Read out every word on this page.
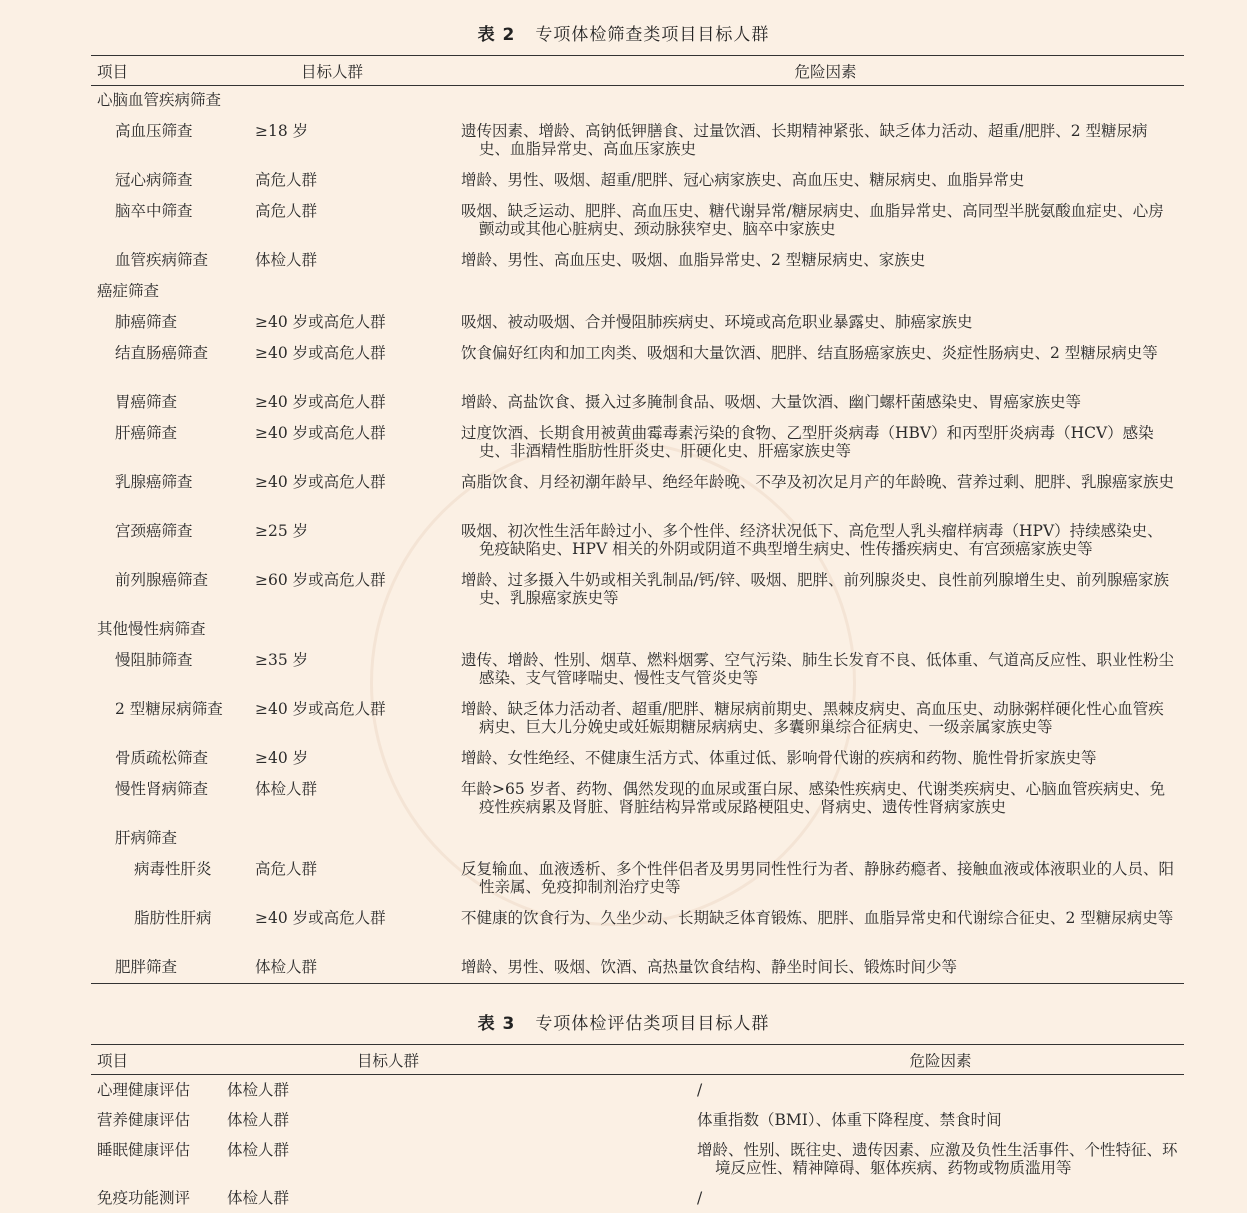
表 2 专项体检筛查类项目目标人群
项目	目标人群	危险因素
心脑血管疾病筛查		
高血压筛查	≥18 岁	遗传因素、增龄、高钠低钾膳食、过量饮酒、长期精神紧张、缺乏体力活动、超重/肥胖、2 型糖尿病史、血脂异常史、高血压家族史

冠心病筛查	高危人群	增龄、男性、吸烟、超重/肥胖、冠心病家族史、高血压史、糖尿病史、血脂异常史

脑卒中筛查	高危人群	吸烟、缺乏运动、肥胖、高血压史、糖代谢异常/糖尿病史、血脂异常史、高同型半胱氨酸血症史、心房颤动或其他心脏病史、颈动脉狭窄史、脑卒中家族史

血管疾病筛查	体检人群	增龄、男性、高血压史、吸烟、血脂异常史、2 型糖尿病史、家族史

癌症筛查		
肺癌筛查	≥40 岁或高危人群	吸烟、被动吸烟、合并慢阻肺疾病史、环境或高危职业暴露史、肺癌家族史

结直肠癌筛查	≥40 岁或高危人群	饮食偏好红肉和加工肉类、吸烟和大量饮酒、肥胖、结直肠癌家族史、炎症性肠病史、2 型糖尿病史等

胃癌筛查	≥40 岁或高危人群	增龄、高盐饮食、摄入过多腌制食品、吸烟、大量饮酒、幽门螺杆菌感染史、胃癌家族史等

肝癌筛查	≥40 岁或高危人群	过度饮酒、长期食用被黄曲霉毒素污染的食物、乙型肝炎病毒（HBV）和丙型肝炎病毒（HCV）感染史、非酒精性脂肪性肝炎史、肝硬化史、肝癌家族史等

乳腺癌筛查	≥40 岁或高危人群	高脂饮食、月经初潮年龄早、绝经年龄晚、不孕及初次足月产的年龄晚、营养过剩、肥胖、乳腺癌家族史

宫颈癌筛查	≥25 岁	吸烟、初次性生活年龄过小、多个性伴、经济状况低下、高危型人乳头瘤样病毒（HPV）持续感染史、免疫缺陷史、HPV 相关的外阴或阴道不典型增生病史、性传播疾病史、有宫颈癌家族史等

前列腺癌筛查	≥60 岁或高危人群	增龄、过多摄入牛奶或相关乳制品/钙/锌、吸烟、肥胖、前列腺炎史、良性前列腺增生史、前列腺癌家族史、乳腺癌家族史等

其他慢性病筛查		
慢阻肺筛查	≥35 岁	遗传、增龄、性别、烟草、燃料烟雾、空气污染、肺生长发育不良、低体重、气道高反应性、职业性粉尘感染、支气管哮喘史、慢性支气管炎史等

2 型糖尿病筛查	≥40 岁或高危人群	增龄、缺乏体力活动者、超重/肥胖、糖尿病前期史、黑棘皮病史、高血压史、动脉粥样硬化性心血管疾病史、巨大儿分娩史或妊娠期糖尿病病史、多囊卵巢综合征病史、一级亲属家族史等

骨质疏松筛查	≥40 岁	增龄、女性绝经、不健康生活方式、体重过低、影响骨代谢的疾病和药物、脆性骨折家族史等

慢性肾病筛查	体检人群	年龄>65 岁者、药物、偶然发现的血尿或蛋白尿、感染性疾病史、代谢类疾病史、心脑血管疾病史、免疫性疾病累及肾脏、肾脏结构异常或尿路梗阻史、肾病史、遗传性肾病家族史

肝病筛查		
病毒性肝炎	高危人群	反复输血、血液透析、多个性伴侣者及男男同性性行为者、静脉药瘾者、接触血液或体液职业的人员、阳性亲属、免疫抑制剂治疗史等

脂肪性肝病	≥40 岁或高危人群	不健康的饮食行为、久坐少动、长期缺乏体育锻炼、肥胖、血脂异常史和代谢综合征史、2 型糖尿病史等

肥胖筛查	体检人群	增龄、男性、吸烟、饮酒、高热量饮食结构、静坐时间长、锻炼时间少等
表 3 专项体检评估类项目目标人群
项目	目标人群	危险因素
心理健康评估	体检人群	/

营养健康评估	体检人群	体重指数（BMI）、体重下降程度、禁食时间

睡眠健康评估	体检人群	增龄、性别、既往史、遗传因素、应激及负性生活事件、个性特征、环境反应性、精神障碍、躯体疾病、药物或物质滥用等

免疫功能测评	体检人群	/
